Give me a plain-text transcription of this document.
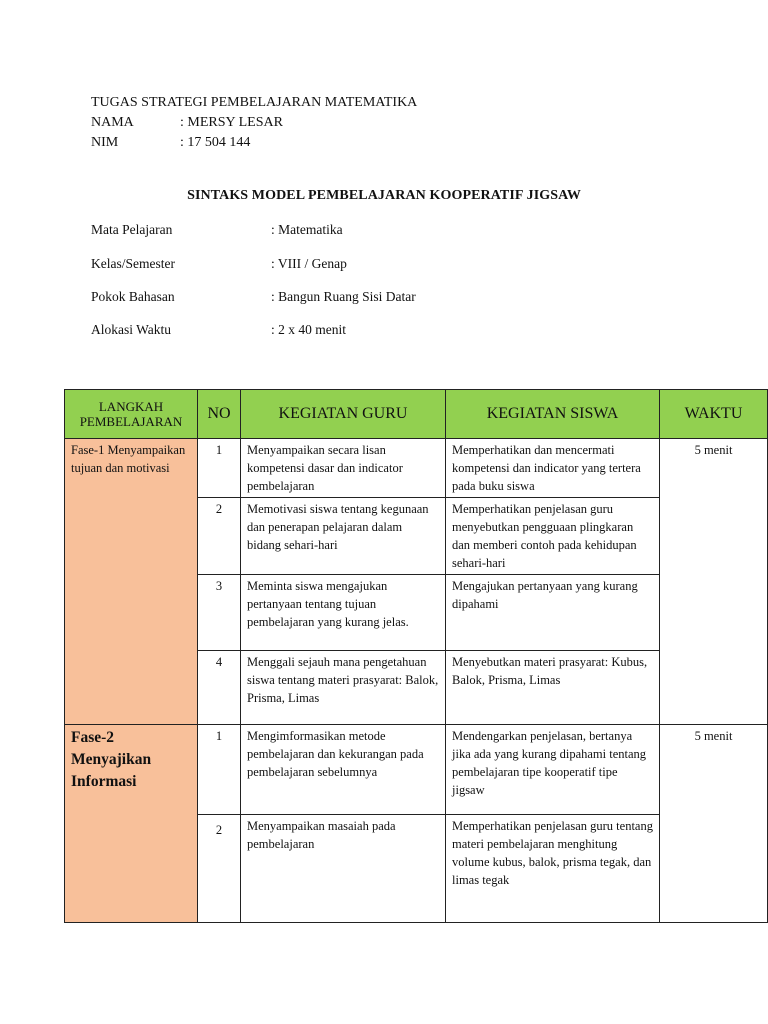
TUGAS STRATEGI PEMBELAJARAN MATEMATIKA
NAMA	: MERSY LESAR
NIM	: 17 504 144
SINTAKS MODEL PEMBELAJARAN KOOPERATIF JIGSAW
Mata Pelajaran	: Matematika
Kelas/Semester	: VIII / Genap
Pokok Bahasan	: Bangun Ruang Sisi Datar
Alokasi Waktu	: 2 x 40 menit
LANGKAH PEMBELAJARAN	NO	KEGIATAN GURU	KEGIATAN SISWA	WAKTU
Fase-1 Menyampaikan tujuan dan motivasi	1	Menyampaikan secara lisan kompetensi dasar dan indicator pembelajaran	Memperhatikan dan mencermati kompetensi dan indicator yang tertera pada buku siswa	5 menit
	2	Memotivasi siswa tentang kegunaan dan penerapan pelajaran dalam bidang sehari-hari	Memperhatikan penjelasan guru menyebutkan pengguaan plingkaran dan memberi contoh pada kehidupan sehari-hari	
	3	Meminta siswa mengajukan pertanyaan tentang tujuan pembelajaran yang kurang jelas.	Mengajukan pertanyaan yang kurang dipahami	
	4	Menggali sejauh mana pengetahuan siswa tentang materi prasyarat: Balok, Prisma, Limas	Menyebutkan materi prasyarat: Kubus, Balok, Prisma, Limas	
Fase-2 Menyajikan Informasi	1	Mengimformasikan metode pembelajaran dan kekurangan pada pembelajaran sebelumnya	Mendengarkan penjelasan, bertanya jika ada yang kurang dipahami tentang pembelajaran tipe kooperatif tipe jigsaw	5 menit
	2	Menyampaikan masaiah pada pembelajaran	Memperhatikan penjelasan guru tentang materi pembelajaran menghitung volume kubus, balok, prisma tegak, dan limas tegak	
